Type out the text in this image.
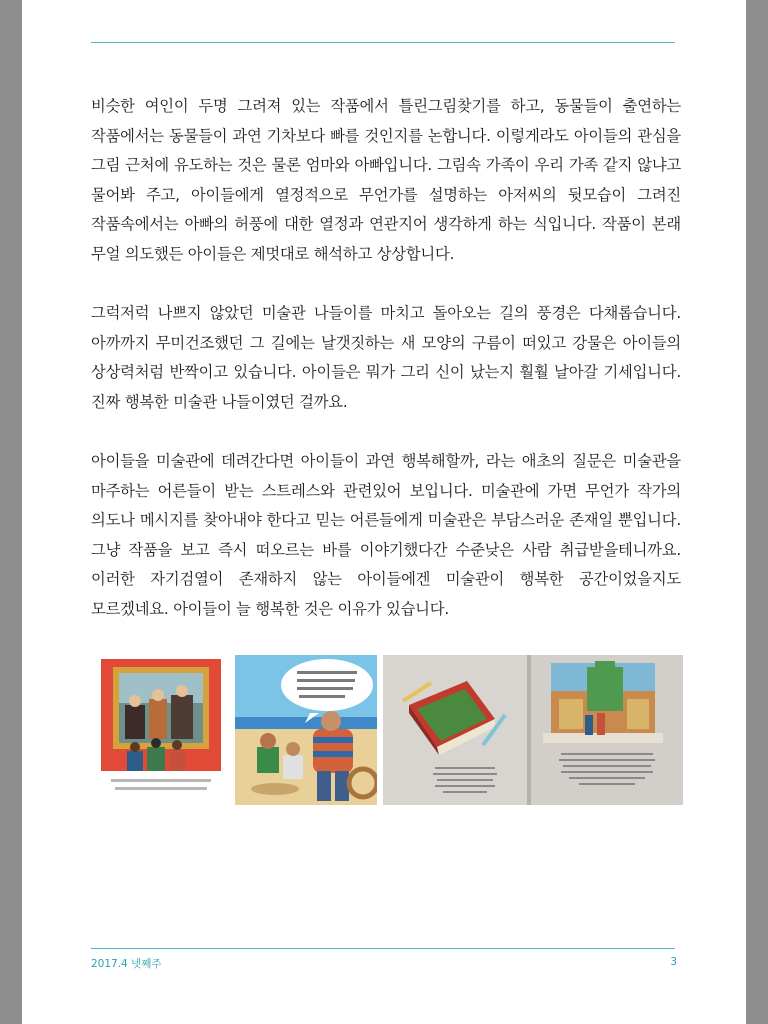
비슷한 여인이 두명 그려져 있는 작품에서 틀린그림찾기를 하고, 동물들이 출연하는 작품에서는 동물들이 과연 기차보다 빠를 것인지를 논합니다. 이렇게라도 아이들의 관심을 그림 근처에 유도하는 것은 물론 엄마와 아빠입니다. 그림속 가족이 우리 가족 같지 않냐고 물어봐 주고, 아이들에게 열정적으로 무언가를 설명하는 아저씨의 뒷모습이 그려진 작품속에서는 아빠의 허풍에 대한 열정과 연관지어 생각하게 하는 식입니다. 작품이 본래 무얼 의도했든 아이들은 제멋대로 해석하고 상상합니다.

그럭저럭 나쁘지 않았던 미술관 나들이를 마치고 돌아오는 길의 풍경은 다채롭습니다. 아까까지 무미건조했던 그 길에는 날갯짓하는 새 모양의 구름이 떠있고 강물은 아이들의 상상력처럼 반짝이고 있습니다. 아이들은 뭐가 그리 신이 났는지 훨훨 날아갈 기세입니다. 진짜 행복한 미술관 나들이였던 걸까요.

아이들을 미술관에 데려간다면 아이들이 과연 행복해할까, 라는 애초의 질문은 미술관을 마주하는 어른들이 받는 스트레스와 관련있어 보입니다. 미술관에 가면 무언가 작가의 의도나 메시지를 찾아내야 한다고 믿는 어른들에게 미술관은 부담스러운 존재일 뿐입니다. 그냥 작품을 보고 즉시 떠오르는 바를 이야기했다간 수준낮은 사람 취급받을테니까요. 이러한 자기검열이 존재하지 않는 아이들에겐 미술관이 행복한 공간이었을지도 모르겠네요. 아이들이 늘 행복한 것은 이유가 있습니다.

2017.4 넷째주	3
